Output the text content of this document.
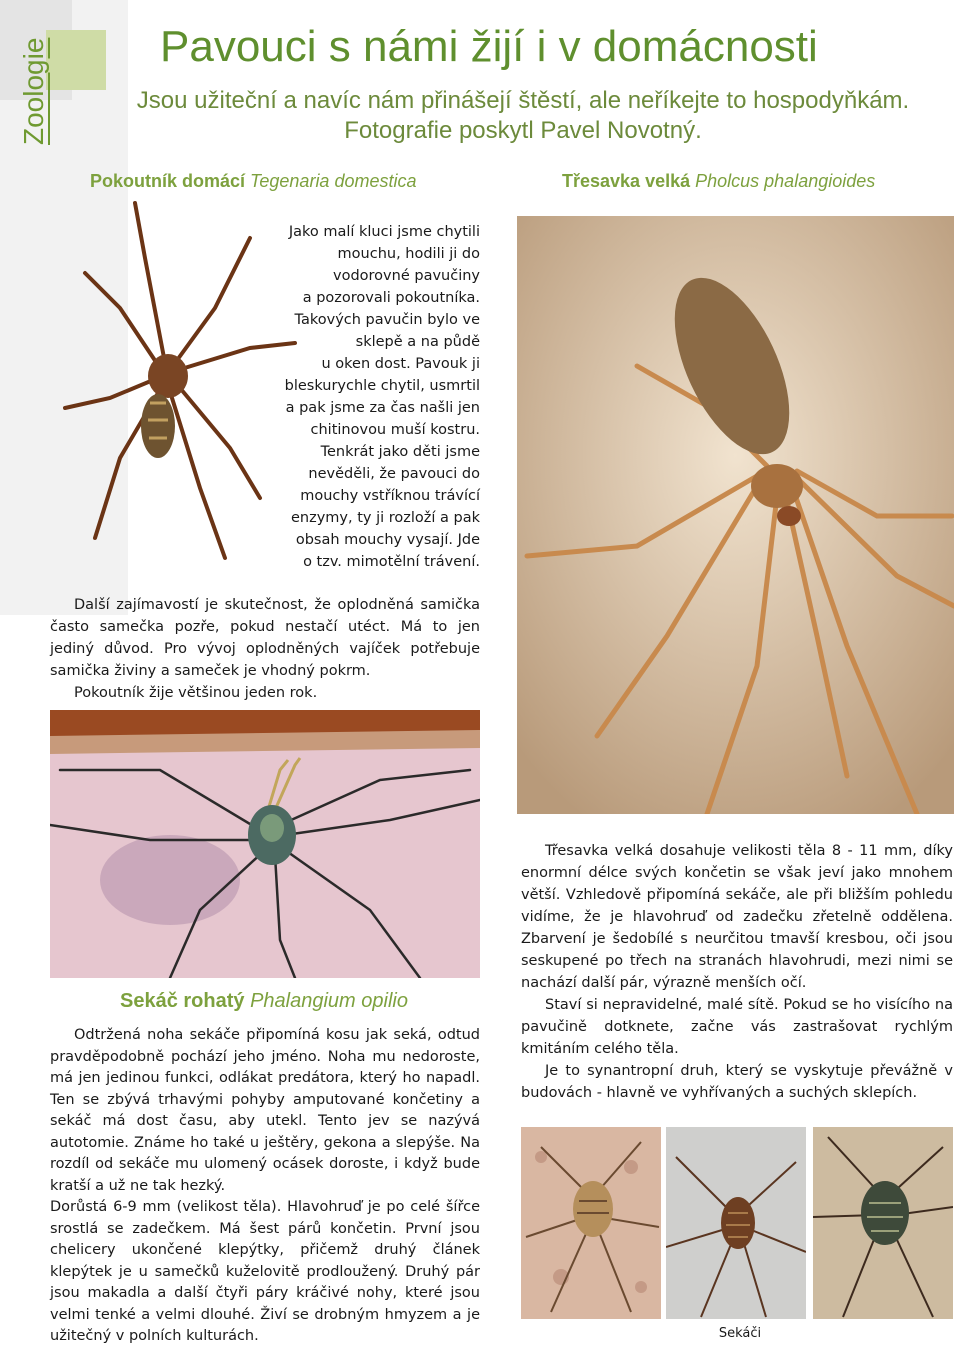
Zoologie	Pavouci s námi žijí i v domácnosti
Jsou užiteční a navíc nám přinášejí štěstí, ale neříkejte to hospodyňkám.
Fotografie poskytl Pavel Novotný.
Pokoutník domácí Tegenaria domestica	Třesavka velká Pholcus phalangioides
Jako malí kluci jsme chytili
mouchu, hodili ji do
vodorovné pavučiny
a pozorovali pokoutníka.
Takových pavučin bylo ve
sklepě a na půdě
u oken dost. Pavouk ji
bleskurychle chytil, usmrtil
a pak jsme za čas našli jen
chitinovou muší kostru.
Tenkrát jako děti jsme
nevěděli, že pavouci do
mouchy vstříknou trávící
enzymy, ty ji rozloží a pak
obsah mouchy vysají. Jde
o tzv. mimotělní trávení.

Další zajímavostí je skutečnost, že oplodněná samička často samečka pozře, pokud nestačí utéct. Má to jen jediný důvod. Pro vývoj oplodněných vajíček potřebuje samička živiny a sameček je vhodný pokrm.

Pokoutník žije většinou jeden rok.

Sekáč rohatý Phalangium opilio

Odtržená noha sekáče připomíná kosu jak seká, odtud pravděpodobně pochází jeho jméno. Noha mu nedoroste, má jen jedinou funkci, odlákat predátora, který ho napadl. Ten se zbývá trhavými pohyby amputované končetiny a sekáč má dost času, aby utekl. Tento jev se nazývá autotomie. Známe ho také u ještěry, gekona a slepýše. Na rozdíl od sekáče mu ulomený ocásek doroste, i když bude kratší a už ne tak hezký.

Dorůstá 6-9 mm (velikost těla). Hlavohruď je po celé šířce srostlá se zadečkem. Má šest párů končetin. První jsou chelicery ukončené klepýtky, přičemž druhý článek klepýtek je u samečků kuželovitě prodloužený. Druhý pár jsou makadla a další čtyři páry kráčivé nohy, které jsou velmi tenké a velmi dlouhé. Živí se drobným hmyzem a je užitečný v polních kulturách.

Třesavka velká dosahuje velikosti těla 8 - 11 mm, díky enormní délce svých končetin se však jeví jako mnohem větší. Vzhledově připomíná sekáče, ale při bližším pohledu vidíme, že je hlavohruď od zadečku zřetelně oddělena. Zbarvení je šedobílé s neurčitou tmavší kresbou, oči jsou seskupené po třech na stranách hlavohrudi, mezi nimi se nachází další pár, výrazně menších očí.

Staví si nepravidelné, malé sítě. Pokud se ho visícího na pavučině dotknete, začne vás zastrašovat rychlým kmitáním celého těla.

Je to synantropní druh, který se vyskytuje převážně v budovách - hlavně ve vyhřívaných a suchých sklepích.

Sekáči
